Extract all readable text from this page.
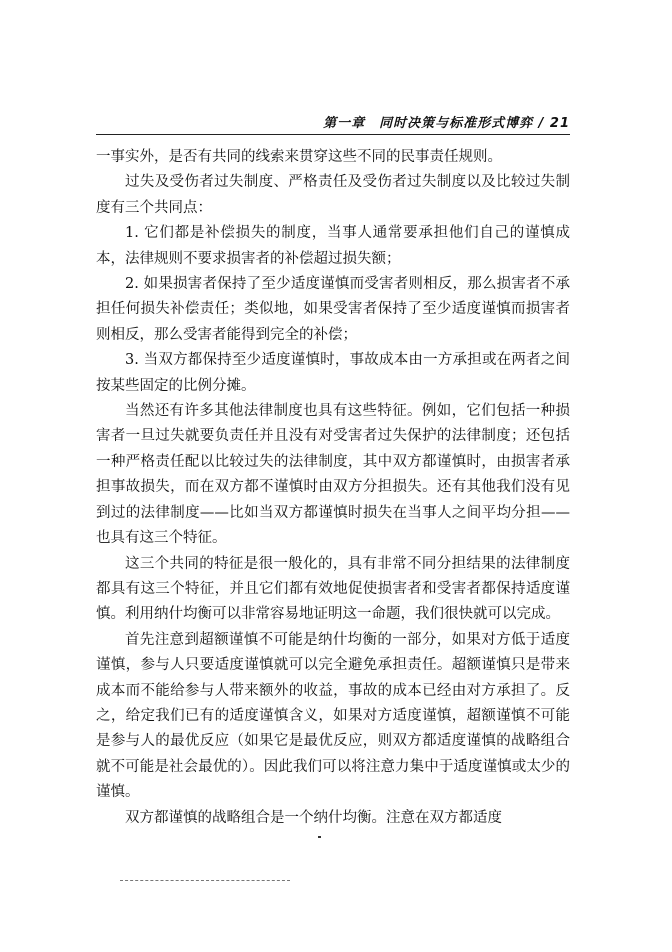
第一章　同时决策与标准形式博弈 / 21

一事实外，是否有共同的线索来贯穿这些不同的民事责任规则。

过失及受伤者过失制度、严格责任及受伤者过失制度以及比较过失制度有三个共同点：

1. 它们都是补偿损失的制度，当事人通常要承担他们自己的谨慎成本，法律规则不要求损害者的补偿超过损失额；

2. 如果损害者保持了至少适度谨慎而受害者则相反，那么损害者不承担任何损失补偿责任；类似地，如果受害者保持了至少适度谨慎而损害者则相反，那么受害者能得到完全的补偿；

3. 当双方都保持至少适度谨慎时，事故成本由一方承担或在两者之间按某些固定的比例分摊。

当然还有许多其他法律制度也具有这些特征。例如，它们包括一种损害者一旦过失就要负责任并且没有对受害者过失保护的法律制度；还包括一种严格责任配以比较过失的法律制度，其中双方都谨慎时，由损害者承担事故损失，而在双方都不谨慎时由双方分担损失。还有其他我们没有见到过的法律制度——比如当双方都谨慎时损失在当事人之间平均分担——也具有这三个特征。

这三个共同的特征是很一般化的，具有非常不同分担结果的法律制度都具有这三个特征，并且它们都有效地促使损害者和受害者都保持适度谨慎。利用纳什均衡可以非常容易地证明这一命题，我们很快就可以完成。

首先注意到超额谨慎不可能是纳什均衡的一部分，如果对方低于适度谨慎，参与人只要适度谨慎就可以完全避免承担责任。超额谨慎只是带来成本而不能给参与人带来额外的收益，事故的成本已经由对方承担了。反之，给定我们已有的适度谨慎含义，如果对方适度谨慎，超额谨慎不可能是参与人的最优反应（如果它是最优反应，则双方都适度谨慎的战略组合就不可能是社会最优的）。因此我们可以将注意力集中于适度谨慎或太少的谨慎。

双方都谨慎的战略组合是一个纳什均衡。注意在双方都适度
